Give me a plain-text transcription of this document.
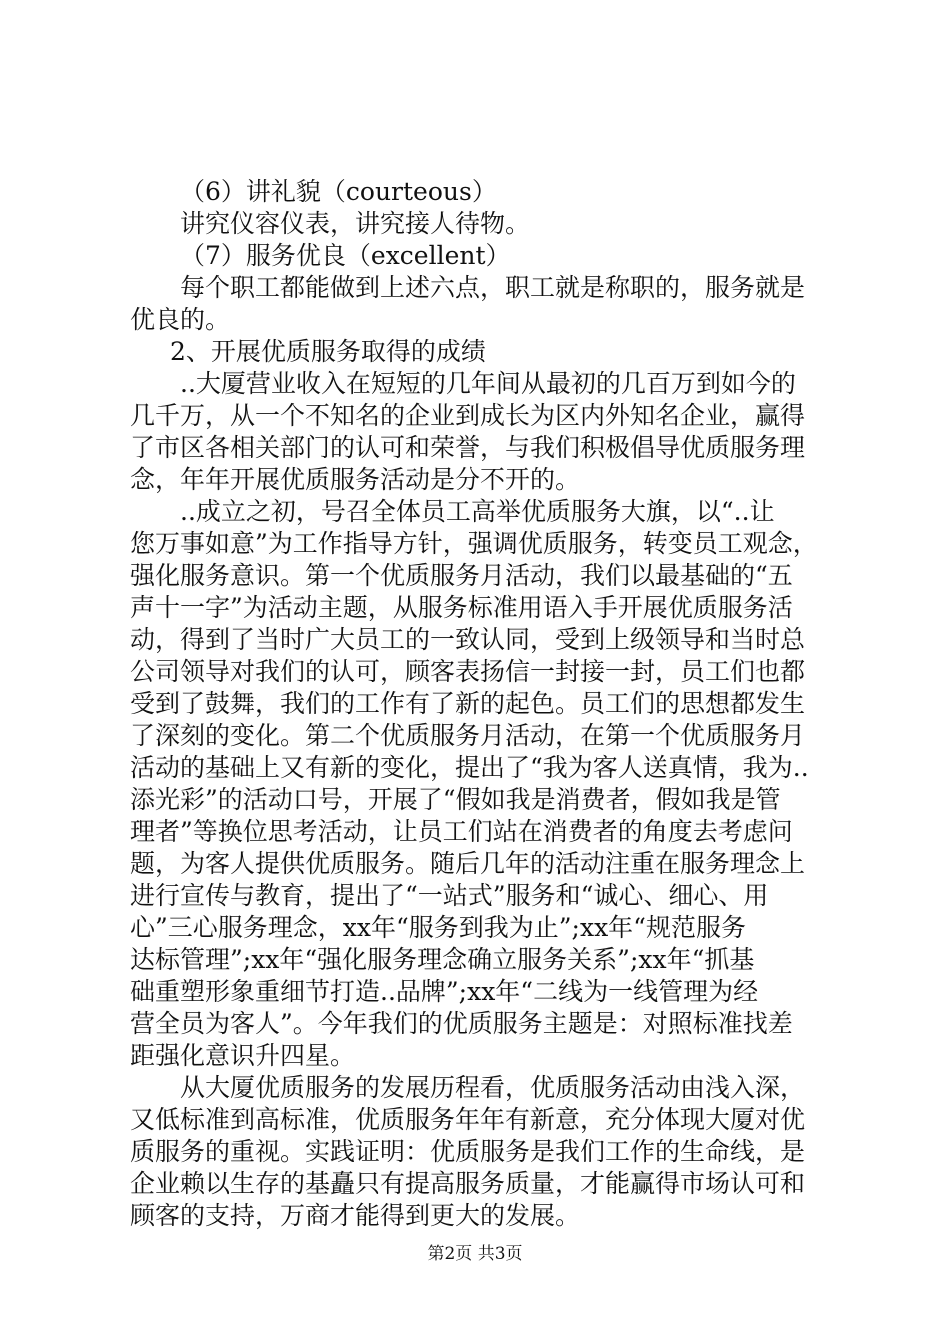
（6）讲礼貌（courteous）
讲究仪容仪表，讲究接人待物。
（7）服务优良（excellent）
每个职工都能做到上述六点，职工就是称职的，服务就是
优良的。
2、开展优质服务取得的成绩
..大厦营业收入在短短的几年间从最初的几百万到如今的
几千万，从一个不知名的企业到成长为区内外知名企业，赢得
了市区各相关部门的认可和荣誉，与我们积极倡导优质服务理
念，年年开展优质服务活动是分不开的。
..成立之初，号召全体员工高举优质服务大旗，以“..让
您万事如意”为工作指导方针，强调优质服务，转变员工观念，
强化服务意识。第一个优质服务月活动，我们以最基础的“五
声十一字”为活动主题，从服务标准用语入手开展优质服务活
动，得到了当时广大员工的一致认同，受到上级领导和当时总
公司领导对我们的认可，顾客表扬信一封接一封，员工们也都
受到了鼓舞，我们的工作有了新的起色。员工们的思想都发生
了深刻的变化。第二个优质服务月活动，在第一个优质服务月
活动的基础上又有新的变化，提出了“我为客人送真情，我为..
添光彩”的活动口号，开展了“假如我是消费者，假如我是管
理者”等换位思考活动，让员工们站在消费者的角度去考虑问
题，为客人提供优质服务。随后几年的活动注重在服务理念上
进行宣传与教育，提出了“一站式”服务和“诚心、细心、用
心”三心服务理念，xx年“服务到我为止”;xx年“规范服务
达标管理”;xx年“强化服务理念确立服务关系”;xx年“抓基
础重塑形象重细节打造..品牌”;xx年“二线为一线管理为经
营全员为客人”。今年我们的优质服务主题是：对照标准找差
距强化意识升四星。
从大厦优质服务的发展历程看，优质服务活动由浅入深，
又低标准到高标准，优质服务年年有新意，充分体现大厦对优
质服务的重视。实践证明：优质服务是我们工作的生命线，是
企业赖以生存的基矗只有提高服务质量，才能赢得市场认可和
顾客的支持，万商才能得到更大的发展。
第2页 共3页
